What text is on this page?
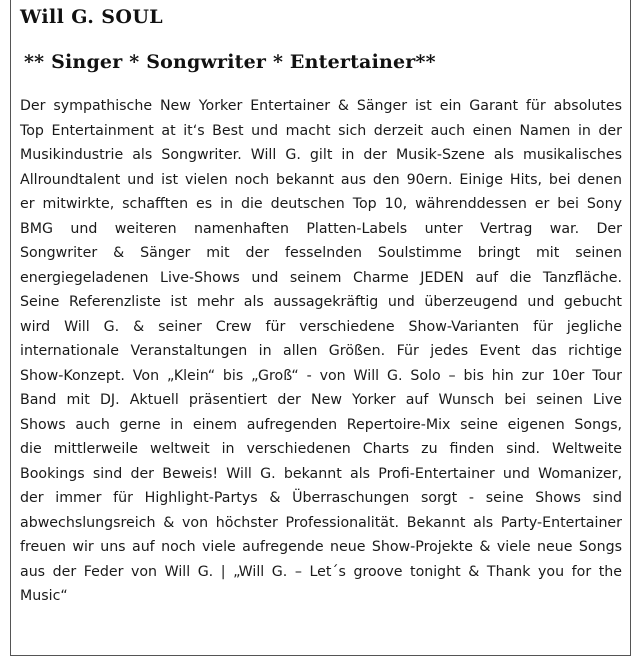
Will G. SOUL
** Singer * Songwriter * Entertainer**
Der sympathische New Yorker Entertainer & Sänger ist ein Garant für absolutes
Top Entertainment at it‘s Best und macht sich derzeit auch einen Namen in der
Musikindustrie als Songwriter. Will G. gilt in der Musik-Szene als musikalisches
Allroundtalent und ist vielen noch bekannt aus den 90ern. Einige Hits, bei denen
er mitwirkte, schafften es in die deutschen Top 10, währenddessen er bei Sony
BMG und weiteren namenhaften Platten-Labels unter Vertrag war. Der
Songwriter & Sänger mit der fesselnden Soulstimme bringt mit seinen
energiegeladenen Live-Shows und seinem Charme JEDEN auf die Tanzfläche.
Seine Referenzliste ist mehr als aussagekräftig und überzeugend und gebucht
wird Will G. & seiner Crew für verschiedene Show-Varianten für jegliche
internationale Veranstaltungen in allen Größen. Für jedes Event das richtige
Show-Konzept. Von „Klein“ bis „Groß“ - von Will G. Solo – bis hin zur 10er Tour
Band mit DJ. Aktuell präsentiert der New Yorker auf Wunsch bei seinen Live
Shows auch gerne in einem aufregenden Repertoire-Mix seine eigenen Songs,
die mittlerweile weltweit in verschiedenen Charts zu finden sind. Weltweite
Bookings sind der Beweis! Will G. bekannt als Profi-Entertainer und Womanizer,
der immer für Highlight-Partys & Überraschungen sorgt - seine Shows sind
abwechslungsreich & von höchster Professionalität. Bekannt als Party-Entertainer
freuen wir uns auf noch viele aufregende neue Show-Projekte & viele neue Songs
aus der Feder von Will G. | „Will G. – Let´s groove tonight & Thank you for the
Music“
